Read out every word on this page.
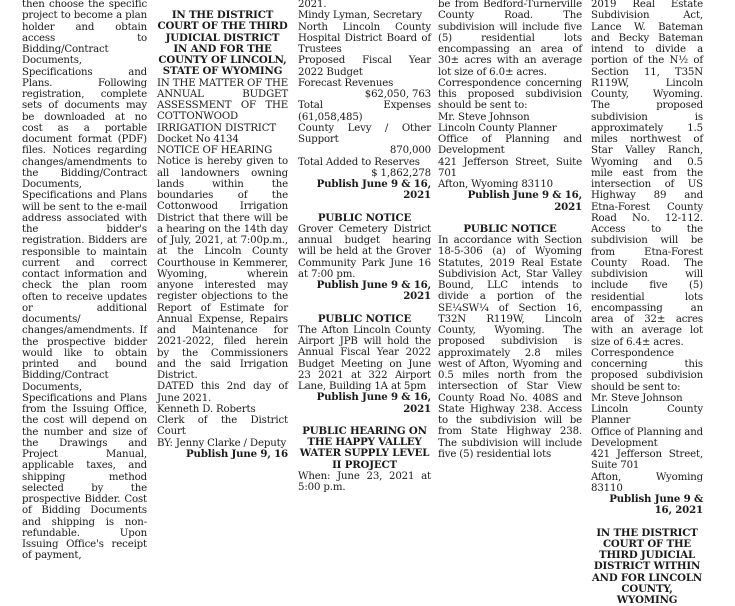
then choose the specific project to become a plan holder and obtain access to Bidding/Contract Documents, Specifications and Plans. Following registration, complete sets of documents may be downloaded at no cost as a portable document format (PDF) files. Notices regarding changes/amendments to the Bidding/Contract Documents, Specifications and Plans will be sent to the e-mail address associated with the bidder's registration. Bidders are responsible to maintain current and correct contact information and check the plan room often to receive updates or additional documents/ changes/amendments. If the prospective bidder would like to obtain printed and bound Bidding/Contract Documents, Specifications and Plans from the Issuing Office, the cost will depend on the number and size of the Drawings and Project Manual, applicable taxes, and shipping method selected by the prospective Bidder. Cost of Bidding Documents and shipping is non-refundable. Upon Issuing Office's receipt of payment,
IN THE DISTRICT COURT OF THE THIRD JUDICIAL DISTRICT
IN AND FOR THE COUNTY OF LINCOLN, STATE OF WYOMING
IN THE MATTER OF THE ANNUAL BUDGET ASSESSMENT OF THE COTTONWOOD IRRIGATION DISTRICT
Docket No 4134
NOTICE OF HEARING
Notice is hereby given to all landowners owning lands within the boundaries of the Cottonwood Irrigation District that there will be a hearing on the 14th day of July, 2021, at 7:00p.m., at the Lincoln County Courthouse in Kemmerer, Wyoming, wherein anyone interested may register objections to the Report of Estimate for Annual Expense, Repairs and Maintenance for 2021-2022, filed herein by the Commissioners and the said Irrigation District.
DATED this 2nd day of June 2021.
Kenneth D. Roberts
Clerk of the District Court
BY: Jenny Clarke / Deputy
Publish June 9, 16
2021.
Mindy Lyman, Secretary
North Lincoln County Hospital District Board of Trustees
Proposed Fiscal Year 2022 Budget
Forecast Revenues
$62,050, 763
Total Expenses (61,058,485)
County Levy / Other Support
870,000
Total Added to Reserves
$ 1,862,278
Publish June 9 & 16, 2021
PUBLIC NOTICE
Grover Cemetery District annual budget hearing will be held at the Grover Community Park June 16 at 7:00 pm.
Publish June 9 & 16, 2021
PUBLIC NOTICE
The Afton Lincoln County Airport JPB will hold the Annual Fiscal Year 2022 Budget Meeting on June 23 2021 at 322 Airport Lane, Building 1A at 5pm
Publish June 9 & 16, 2021
PUBLIC HEARING ON THE HAPPY VALLEY WATER SUPPLY LEVEL II PROJECT
When: June 23, 2021 at 5:00 p.m.
be from Bedford-Turnerville County Road. The subdivision will include five (5) residential lots encompassing an area of 30± acres with an average lot size of 6.0± acres.
Correspondence concerning this proposed subdivision should be sent to:
Mr. Steve Johnson
Lincoln County Planner
Office of Planning and Development
421 Jefferson Street, Suite 701
Afton, Wyoming 83110
Publish June 9 & 16, 2021
PUBLIC NOTICE
In accordance with Section 18-5-306 (a) of Wyoming Statutes, 2019 Real Estate Subdivision Act, Star Valley Bound, LLC intends to divide a portion of the SE¼SW¼ of Section 16, T32N R119W, Lincoln County, Wyoming. The proposed subdivision is approximately 2.8 miles west of Afton, Wyoming and 0.5 miles north from the intersection of Star View County Road No. 408S and State Highway 238. Access to the subdivision will be from State Highway 238. The subdivision will include five (5) residential lots
2019 Real Estate Subdivision Act, Lance W. Bateman and Becky Bateman intend to divide a portion of the N½ of Section 11, T35N R119W, Lincoln County, Wyoming. The proposed subdivision is approximately 1.5 miles northwest of Star Valley Ranch, Wyoming and 0.5 mile east from the intersection of US Highway 89 and Etna-Forest County Road No. 12-112. Access to the subdivision will be from Etna-Forest County Road. The subdivision will include five (5) residential lots encompassing an area of 32± acres with an average lot size of 6.4± acres.
Correspondence concerning this proposed subdivision should be sent to:
Mr. Steve Johnson
Lincoln County Planner
Office of Planning and Development
421 Jefferson Street, Suite 701
Afton, Wyoming 83110
Publish June 9 & 16, 2021
IN THE DISTRICT COURT OF THE THIRD JUDICIAL DISTRICT WITHIN AND FOR LINCOLN COUNTY, WYOMING
